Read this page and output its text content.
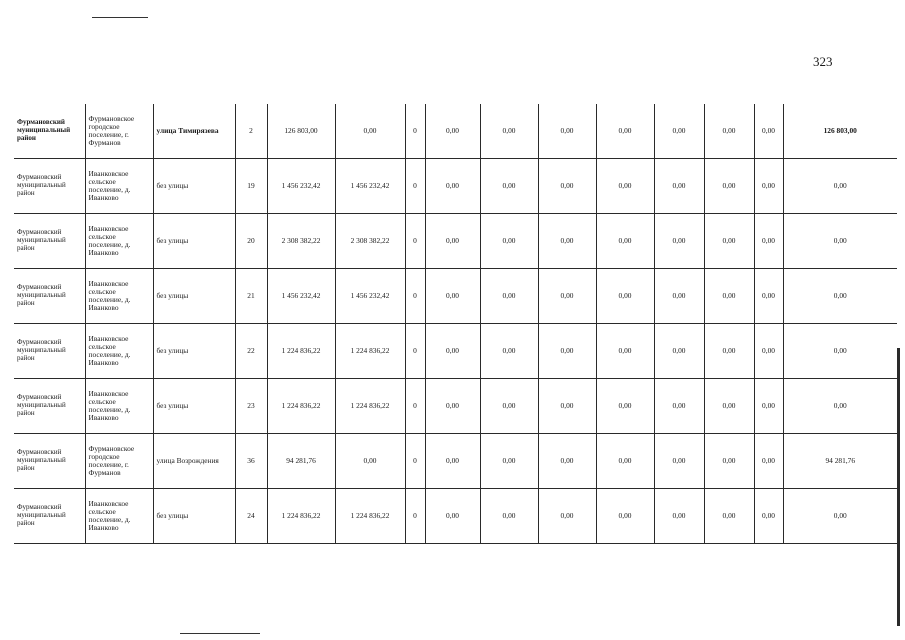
323
Фурмановский муниципальный район	Фурмановское городское поселение, г. Фурманов	улица Тимирязева	2	126 803,00	0,00	0	0,00	0,00	0,00	0,00	0,00	0,00	0,00	126 803,00
Фурмановский муниципальный район	Иванковское сельское поселение, д. Иванково	без улицы	19	1 456 232,42	1 456 232,42	0	0,00	0,00	0,00	0,00	0,00	0,00	0,00	0,00
Фурмановский муниципальный район	Иванковское сельское поселение, д. Иванково	без улицы	20	2 308 382,22	2 308 382,22	0	0,00	0,00	0,00	0,00	0,00	0,00	0,00	0,00
Фурмановский муниципальный район	Иванковское сельское поселение, д. Иванково	без улицы	21	1 456 232,42	1 456 232,42	0	0,00	0,00	0,00	0,00	0,00	0,00	0,00	0,00
Фурмановский муниципальный район	Иванковское сельское поселение, д. Иванково	без улицы	22	1 224 836,22	1 224 836,22	0	0,00	0,00	0,00	0,00	0,00	0,00	0,00	0,00
Фурмановский муниципальный район	Иванковское сельское поселение, д. Иванково	без улицы	23	1 224 836,22	1 224 836,22	0	0,00	0,00	0,00	0,00	0,00	0,00	0,00	0,00
Фурмановский муниципальный район	Фурмановское городское поселение, г. Фурманов	улица Возрождения	36	94 281,76	0,00	0	0,00	0,00	0,00	0,00	0,00	0,00	0,00	94 281,76
Фурмановский муниципальный район	Иванковское сельское поселение, д. Иванково	без улицы	24	1 224 836,22	1 224 836,22	0	0,00	0,00	0,00	0,00	0,00	0,00	0,00	0,00
